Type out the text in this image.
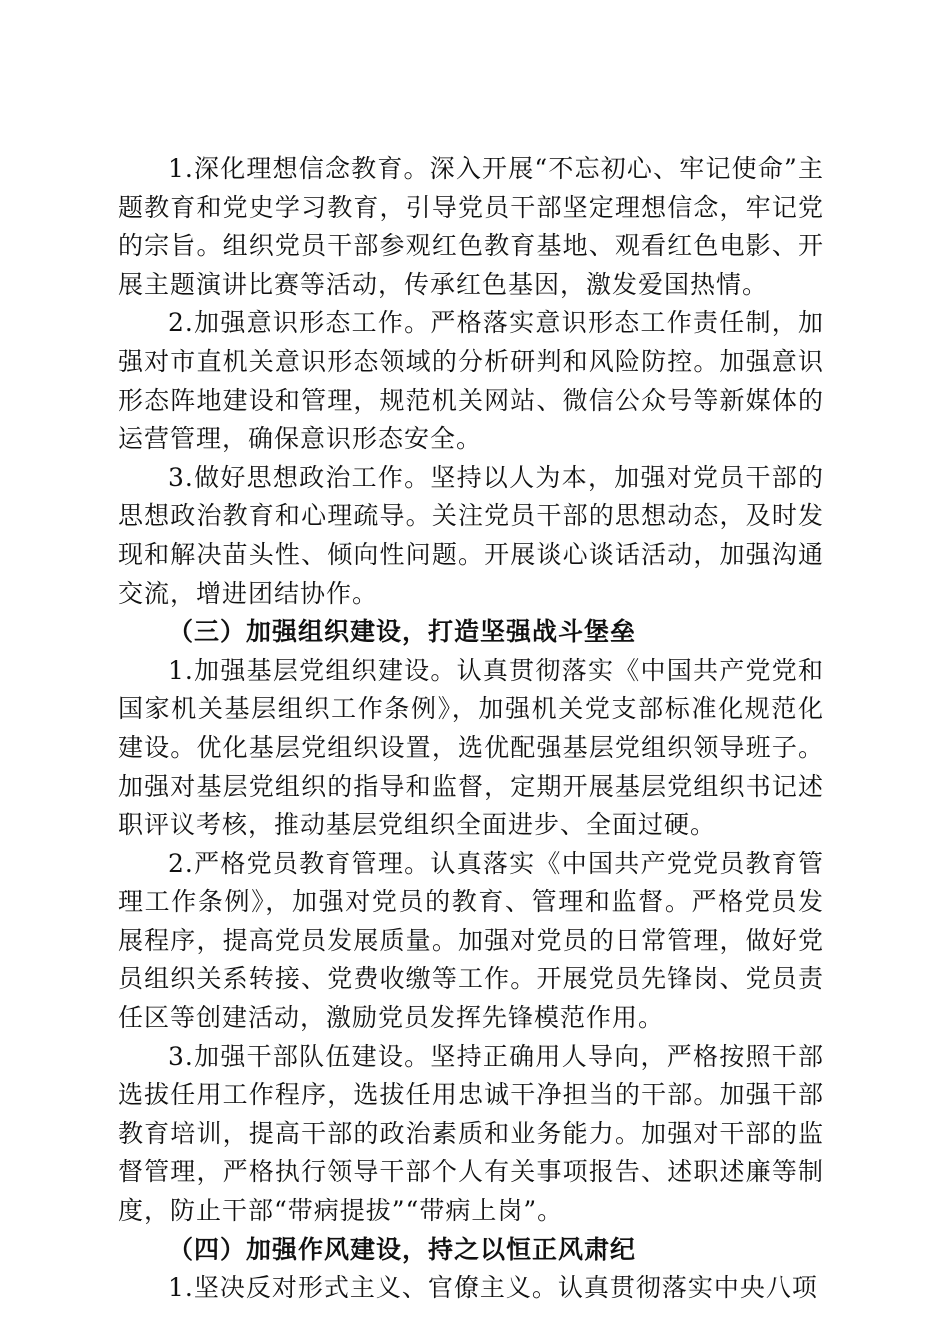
1.深化理想信念教育。深入开展“不忘初心、牢记使命”主题教育和党史学习教育，引导党员干部坚定理想信念，牢记党的宗旨。组织党员干部参观红色教育基地、观看红色电影、开展主题演讲比赛等活动，传承红色基因，激发爱国热情。

2.加强意识形态工作。严格落实意识形态工作责任制，加强对市直机关意识形态领域的分析研判和风险防控。加强意识形态阵地建设和管理，规范机关网站、微信公众号等新媒体的运营管理，确保意识形态安全。

3.做好思想政治工作。坚持以人为本，加强对党员干部的思想政治教育和心理疏导。关注党员干部的思想动态，及时发现和解决苗头性、倾向性问题。开展谈心谈话活动，加强沟通交流，增进团结协作。

（三）加强组织建设，打造坚强战斗堡垒

1.加强基层党组织建设。认真贯彻落实《中国共产党党和国家机关基层组织工作条例》，加强机关党支部标准化规范化建设。优化基层党组织设置，选优配强基层党组织领导班子。加强对基层党组织的指导和监督，定期开展基层党组织书记述职评议考核，推动基层党组织全面进步、全面过硬。

2.严格党员教育管理。认真落实《中国共产党党员教育管理工作条例》，加强对党员的教育、管理和监督。严格党员发展程序，提高党员发展质量。加强对党员的日常管理，做好党员组织关系转接、党费收缴等工作。开展党员先锋岗、党员责任区等创建活动，激励党员发挥先锋模范作用。

3.加强干部队伍建设。坚持正确用人导向，严格按照干部选拔任用工作程序，选拔任用忠诚干净担当的干部。加强干部教育培训，提高干部的政治素质和业务能力。加强对干部的监督管理，严格执行领导干部个人有关事项报告、述职述廉等制度，防止干部“带病提拔”“带病上岗”。

（四）加强作风建设，持之以恒正风肃纪

1.坚决反对形式主义、官僚主义。认真贯彻落实中央八项
